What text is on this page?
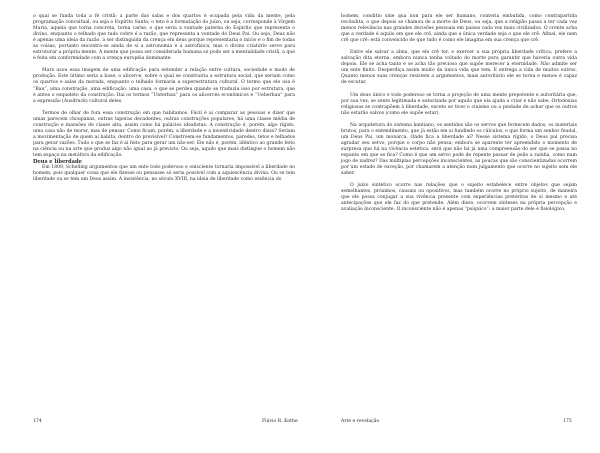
o qual se funda toda a fé cristã; a parte das salas e dos quartos é ocupada pela vida da mente, pela programação conceitual, ou seja o Espírito Santo; o teto é a formatação do juízo, ou seja, corresponde à Virgem Maria, aquela que torna concreta, torna carne, o que seria a vontade paterna do Espírito que representa o divino, enquanto o telhado que tudo cobre é a razão, que representa a vontade do Deus Pai. Ou seja, Deus não é apenas uma ideia da razão, a ser distinguida da crença em deus porque representaria o início e o fim de todas as coisas, portanto encontra-se ainda de si a astronomia e a astrofísica, mas o divino criatório serve para estruturar a própria mente. A mente que possa ser considerada humana só pode ser a mentalidade cristã, a que é feita em conformidade com a crença européia dominante.

Marx usou essa imagem de uma edificação para entender a relação entre cultura, sociedade e modo de produção. Este último seria a base, o alicerce, sobre o qual se construiria a estrutura social, que seriam como os quartos e salas da morada, enquanto o telhado formaria a superestrutura cultural. O termo que ele usa é “Bau”, uma construção, uma edificação, uma casa, o que se perdeu quando se traduziu isso por estrutura, que é antes o esqueleto da construção. Daí os termos “Unterbau” para os alicerces econômicos e “Ueberbau” para a expressão (Ausdruck) cultural deles.

Termos de olhar de fora essa construção em que habitamos. Fácil é ai comparar as pessoas e dizer que umas parecem choupanas, outras taperas decadentes, outras construções populares, há uma classe média de construção e mansões de classe alta, assim como há palácios idealistas. A construção é, porém, algo rígido, uma casa não de morar, mas de pensar. Como ficam, porém, a liberdade e a inventividade dentro disso? Seriam a movimentação de quem aí habita, dentro do previsível? Constroem-se fundamentos, paredes, tetos e telhados para gerar razões. Tudo o que se faz é ai feito para gerar um não-ser. Ele não é, porém, idêntico ao grande feito na ciência ou na arte que produz algo não igual ao já previsto. Ou seja, aquilo que mais distingue o homem não tem espaço na metáfora da edificação.

Deus e liberdade

Em 1809, Schelling argumentou que um ente todo poderoso e onisciente tornaria impossível a liberdade no homem, pois qualquer coisa que ele fizesse ou pensasse só seria possível com a aquiescência divina. Ou se tem liberdade ou se tem um Deus assim. A insistência, no século XVIII, na ideia de liberdade como essência do

homem, conditio sine qua non para ele ser humano, conteria embutida, como contrapartida recôndita, o que depois se chamou de a morte de Deus, ou seja, que a religião passa a ter cada vez menos relevância nas grandes decisões pessoais em países cada vez mais civilizados. O crente acha que a verdade é aquilo em que ele crê, ainda que a única verdade seja o que ele crê. Afinal, ele nem crê que crê: está convencido de que tudo é como ele imagina em sua crença que crê.

Entre ele salvar a alma, que ele crê ter, e exercer a sua própria liberdade crítica, prefere a salvação dita eterna, embora nunca tenha voltado do morte para garantir que haveria outra vida depois. Ele se acha tanto e se acha tão precioso que supõe merecer a eternidade. Não admite ser um ente finito. Desperdiça assim muito da única vida que tem. E entrega a vida de muitos outros. Quanto menos suas crenças resistem a argumentos, mais autoritário ele se torna e menos é capaz de escutar.

Um deus único e todo poderoso se torna a projeção de uma mente prepotente e autoritária que, por sua vez, se sente legitimada e autorizada por aquilo que ela ajuda a criar e não sabe. Ortodoxias religiosas se contrapõem à liberdade, exceto se tiver o cinismo ou a piedade de achar que os outros não estarão salvos (como ele supõe estar).

Na arquitetura do sistema kantiano, os sentidos são os servos que fornecem dados, os materiais brutos, para o entendimento, que já estão em si fundindo os cálculos, o que forma um senhor feudal, um Deus Pai, um monarca. Onde fica a liberdade aí? Nesse sistema rígido, o Deus pai precisa agradar seu servo, porque o corpo não pensa; embora se aparente ter apreendido o momento de surpresa que há na vivência estética, será que não há já uma compreensão do ser que se passa no espanto em que se fica? Como é que um servo pode de repente passar de peão a rainha, como num jogo de xadrez? Das múltiplas percepções inconscientes, as poucas que são conscientizadas ocorrem por um estado de exceção, por chamarem a atenção num julgamento que ocorre no sujeito sem ele saber.

O juízo sintético ocorre nas relações que o sujeito estabelece entre objetos que sejam semelhantes, próximos, causais ou opositivos, mas também ocorre no próprio sujeito, de maneira que ele possa conjugar a sua vivência presente com experiências pretéritas de si mesmo e até antecipações que ele faz do que pretende. Além disso, ocorrem sínteses na própria percepção e avaliação inconsciente. O inconsciente não é apenas “psíquico”: a maior parte dele é fisiológico.

174	Flávio R. Kothe	Arte e revelação	175
